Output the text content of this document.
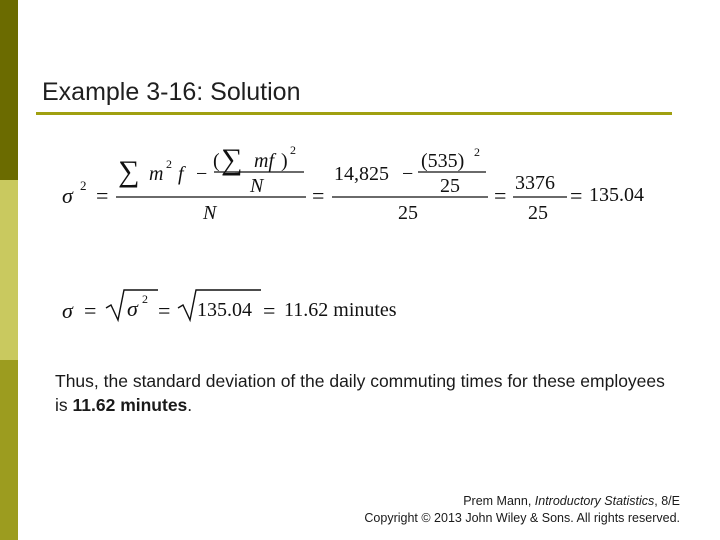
Example 3-16: Solution
σ 2 =
∑ m 2 f −
( ∑ mf ) 2
N
N
=
14,825 −
(535) 2
25
25
= 3376
25
= 135.04
σ = σ 2 = 135.04 = 11.62 minutes
Thus, the standard deviation of the daily commuting times for these employees is 11.62 minutes.
Prem Mann, Introductory Statistics, 8/E
Copyright © 2013 John Wiley & Sons. All rights reserved.
